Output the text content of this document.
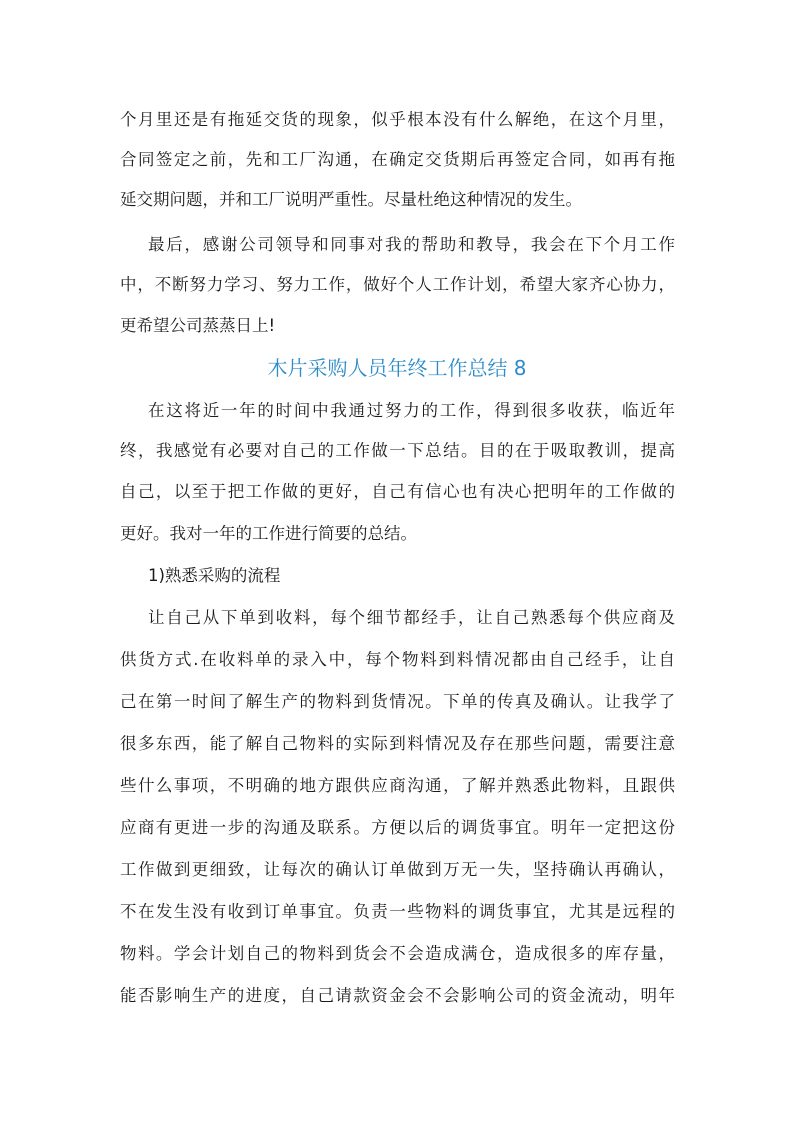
个月里还是有拖延交货的现象，似乎根本没有什么解绝，在这个月里，
合同签定之前，先和工厂沟通，在确定交货期后再签定合同，如再有拖
延交期问题，并和工厂说明严重性。尽量杜绝这种情况的发生。
最后，感谢公司领导和同事对我的帮助和教导，我会在下个月工作
中，不断努力学习、努力工作，做好个人工作计划，希望大家齐心协力，
更希望公司蒸蒸日上!
木片采购人员年终工作总结 8
在这将近一年的时间中我通过努力的工作，得到很多收获，临近年
终，我感觉有必要对自己的工作做一下总结。目的在于吸取教训，提高
自己，以至于把工作做的更好，自己有信心也有决心把明年的工作做的
更好。我对一年的工作进行简要的总结。
1)熟悉采购的流程
让自己从下单到收料，每个细节都经手，让自己熟悉每个供应商及
供货方式.在收料单的录入中，每个物料到料情况都由自己经手，让自
己在第一时间了解生产的物料到货情况。下单的传真及确认。让我学了
很多东西，能了解自己物料的实际到料情况及存在那些问题，需要注意
些什么事项，不明确的地方跟供应商沟通，了解并熟悉此物料，且跟供
应商有更进一步的沟通及联系。方便以后的调货事宜。明年一定把这份
工作做到更细致，让每次的确认订单做到万无一失，坚持确认再确认，
不在发生没有收到订单事宜。负责一些物料的调货事宜，尤其是远程的
物料。学会计划自己的物料到货会不会造成满仓，造成很多的库存量，
能否影响生产的进度，自己请款资金会不会影响公司的资金流动，明年
